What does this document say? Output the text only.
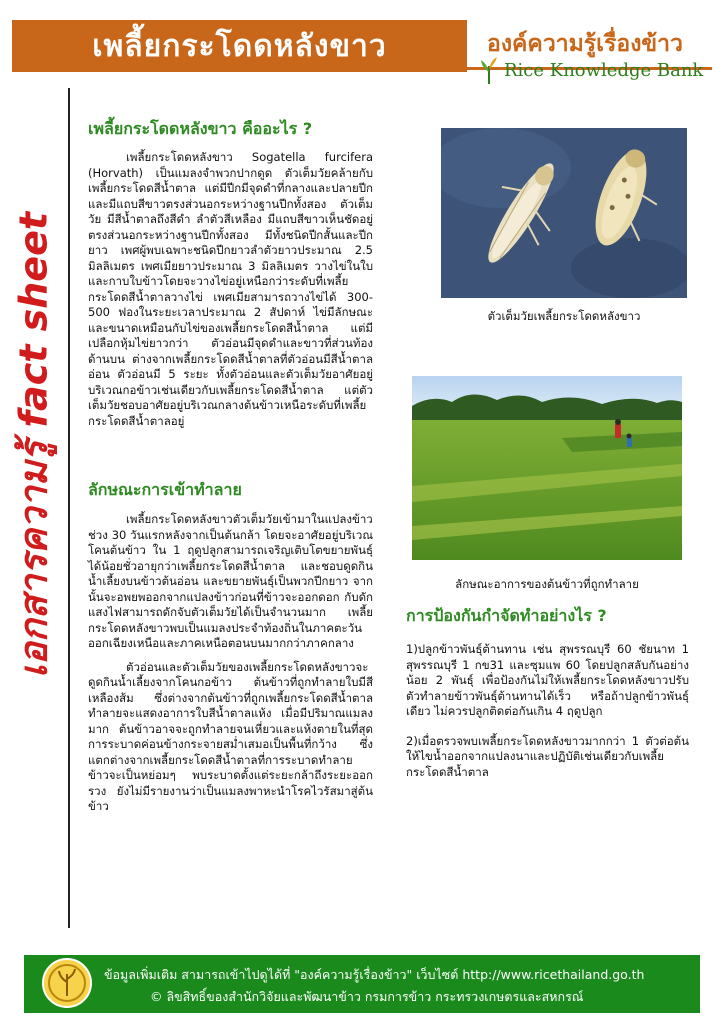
เพลี้ยกระโดดหลังขาว	องค์ความรู้เรื่องข้าว
Rice Knowledge Bank
เอกสารความรู้ fact sheet
เพลี้ยกระโดดหลังขาว คืออะไร ?

เพลี้ยกระโดดหลังขาว Sogatella furcifera (Horvath) เป็นแมลงจำพวกปากดูด ตัวเต็มวัยคล้ายกับเพลี้ยกระโดดสีน้ำตาล แต่มีปีกมีจุดดำที่กลางและปลายปีก และมีแถบสีขาวตรงส่วนอกระหว่างฐานปีกทั้งสอง ตัวเต็มวัย มีสีน้ำตาลถึงสีดำ ลำตัวสีเหลือง มีแถบสีขาวเห็นชัดอยู่ตรงส่วนอกระหว่างฐานปีกทั้งสอง มีทั้งชนิดปีกสั้นและปีกยาว เพศผู้พบเฉพาะชนิดปีกยาวลำตัวยาวประมาณ 2.5 มิลลิเมตร เพศเมียยาวประมาณ 3 มิลลิเมตร วางไข่ในใบและกาบใบข้าวโดยจะวางไข่อยู่เหนือกว่าระดับที่เพลี้ยกระโดดสีน้ำตาลวางไข่ เพศเมียสามารถวางไข่ได้ 300-500 ฟองในระยะเวลาประมาณ 2 สัปดาห์ ไข่มีลักษณะและขนาดเหมือนกับไข่ของเพลี้ยกระโดดสีน้ำตาล แต่มีเปลือกหุ้มไข่ยาวกว่า ตัวอ่อนมีจุดดำและขาวที่ส่วนท้องด้านบน ต่างจากเพลี้ยกระโดดสีน้ำตาลที่ตัวอ่อนมีสีน้ำตาลอ่อน ตัวอ่อนมี 5 ระยะ ทั้งตัวอ่อนและตัวเต็มวัยอาศัยอยู่บริเวณกอข้าวเช่นเดียวกับเพลี้ยกระโดดสีน้ำตาล แต่ตัวเต็มวัยชอบอาศัยอยู่บริเวณกลางต้นข้าวเหนือระดับที่เพลี้ยกระโดดสีน้ำตาลอยู่

ลักษณะการเข้าทำลาย

เพลี้ยกระโดดหลังขาวตัวเต็มวัยเข้ามาในแปลงข้าวช่วง 30 วันแรกหลังจากเป็นต้นกล้า โดยจะอาศัยอยู่บริเวณโคนต้นข้าว ใน 1 ฤดูปลูกสามารถเจริญเติบโตขยายพันธุ์ได้น้อยชั่วอายุกว่าเพลี้ยกระโดดสีน้ำตาล และชอบดูดกินน้ำเลี้ยงบนข้าวต้นอ่อน และขยายพันธุ์เป็นพวกปีกยาว จากนั้นจะอพยพออกจากแปลงข้าวก่อนที่ข้าวจะออกดอก กับดักแสงไฟสามารถดักจับตัวเต็มวัยได้เป็นจำนวนมาก เพลี้ยกระโดดหลังขาวพบเป็นแมลงประจำท้องถิ่นในภาคตะวันออกเฉียงเหนือและภาคเหนือตอนบนมากกว่าภาคกลาง

ตัวอ่อนและตัวเต็มวัยของเพลี้ยกระโดดหลังขาวจะดูดกินน้ำเลี้ยงจากโคนกอข้าว ต้นข้าวที่ถูกทำลายใบมีสีเหลืองส้ม ซึ่งต่างจากต้นข้าวที่ถูกเพลี้ยกระโดดสีน้ำตาลทำลายจะแสดงอาการใบสีน้ำตาลแห้ง เมื่อมีปริมาณแมลงมาก ต้นข้าวอาจจะถูกทำลายจนเหี่ยวและแห้งตายในที่สุด การระบาดค่อนข้างกระจายสม่ำเสมอเป็นพื้นที่กว้าง ซึ่งแตกต่างจากเพลี้ยกระโดดสีน้ำตาลที่การระบาดทำลายข้าวจะเป็นหย่อมๆ พบระบาดตั้งแต่ระยะกล้าถึงระยะออกรวง ยังไม่มีรายงานว่าเป็นแมลงพาหะนำโรคไวรัสมาสู่ต้นข้าว

ตัวเต็มวัยเพลี้ยกระโดดหลังขาว
ลักษณะอาการของต้นข้าวที่ถูกทำลาย
การป้องกันกำจัดทำอย่างไร ?
1)ปลูกข้าวพันธุ์ต้านทาน เช่น สุพรรณบุรี 60 ชัยนาท 1 สุพรรณบุรี 1 กข31 และซุมแพ 60 โดยปลูกสลับกันอย่างน้อย 2 พันธุ์ เพื่อป้องกันไม่ให้เพลี้ยกระโดดหลังขาวปรับตัวทำลายข้าวพันธุ์ต้านทานได้เร็ว หรือถ้าปลูกข้าวพันธุ์เดียว ไม่ควรปลูกติดต่อกันเกิน 4 ฤดูปลูก
2)เมื่อตรวจพบเพลี้ยกระโดดหลังขาวมากกว่า 1 ตัวต่อต้นให้ไขน้ำออกจากแปลงนาและปฏิบัติเช่นเดียวกับเพลี้ยกระโดดสีน้ำตาล
ข้อมูลเพิ่มเติม สามารถเข้าไปดูได้ที่ "องค์ความรู้เรื่องข้าว" เว็บไซต์ http://www.ricethailand.go.th
© ลิขสิทธิ์ของสำนักวิจัยและพัฒนาข้าว กรมการข้าว กระทรวงเกษตรและสหกรณ์
